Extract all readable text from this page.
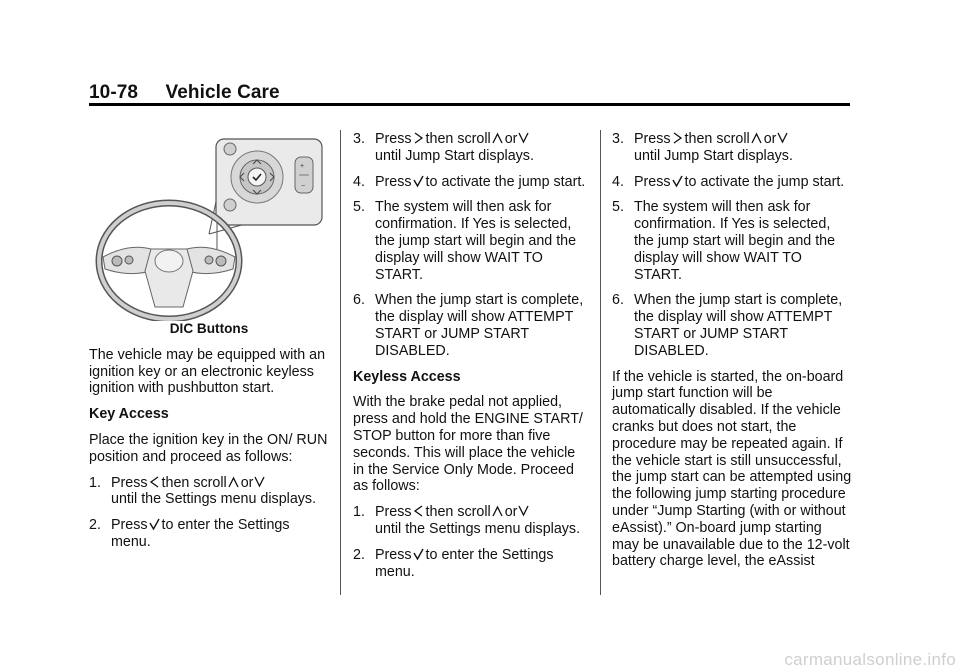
10-78 Vehicle Care
+
−

DIC Buttons

The vehicle may be equipped with an ignition key or an electronic keyless ignition with pushbutton start.

Key Access

Place the ignition key in the ON/ RUN position and proceed as follows:

1. Press then scroll or

until the Settings menu displays.
2. Press to enter the Settings menu.
3. Press then scroll or

until Jump Start displays.
4. Press to activate the jump start.
5. The system will then ask for confirmation. If Yes is selected, the jump start will begin and the display will show WAIT TO START.
6. When the jump start is complete, the display will show ATTEMPT START or JUMP START DISABLED.

Keyless Access

With the brake pedal not applied, press and hold the ENGINE START/ STOP button for more than five seconds. This will place the vehicle in the Service Only Mode. Proceed as follows:

1. Press then scroll or

until the Settings menu displays.
2. Press to enter the Settings menu.
3. Press then scroll or

until Jump Start displays.
4. Press to activate the jump start.
5. The system will then ask for confirmation. If Yes is selected, the jump start will begin and the display will show WAIT TO START.
6. When the jump start is complete, the display will show ATTEMPT START or JUMP START DISABLED.

If the vehicle is started, the on-board jump start function will be automatically disabled. If the vehicle cranks but does not start, the procedure may be repeated again. If the vehicle start is still unsuccessful, the jump start can be attempted using the following jump starting procedure under “Jump Starting (with or without eAssist).” On-board jump starting may be unavailable due to the 12-volt battery charge level, the eAssist

carmanualsonline.info
